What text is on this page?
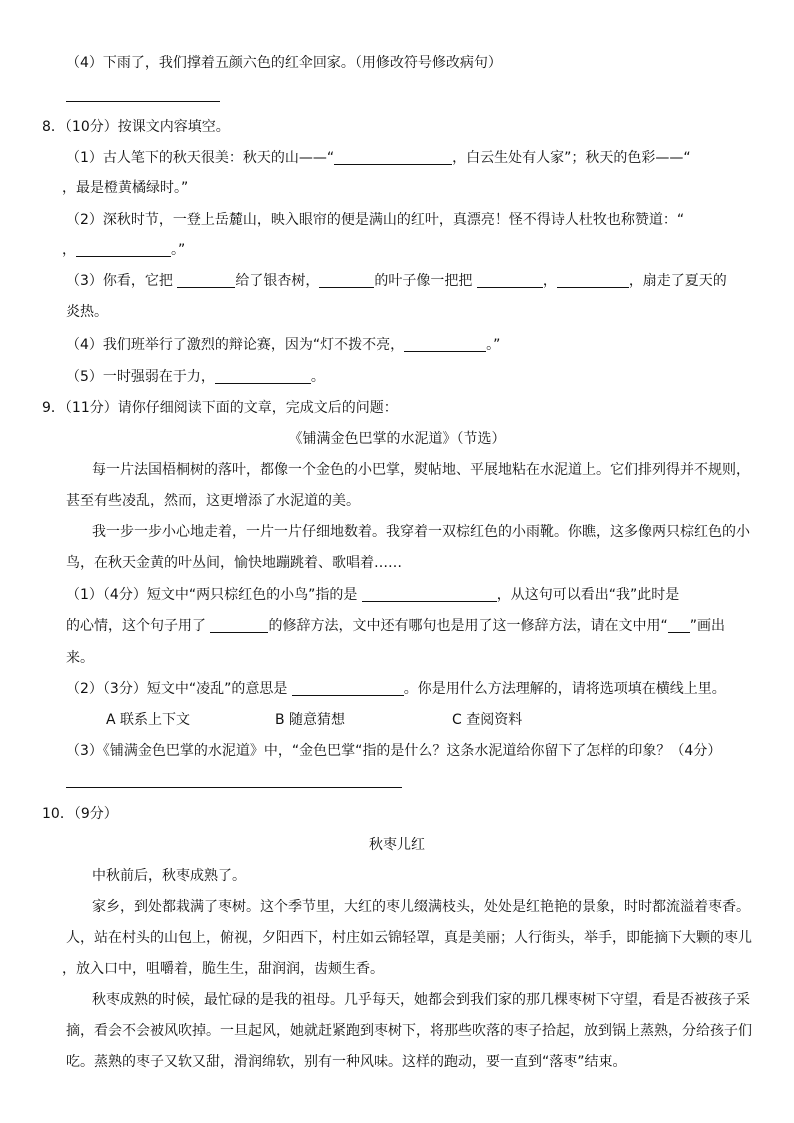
（4）下雨了，我们撑着五颜六色的红伞回家。（用修改符号修改病句）
8．（10分）按课文内容填空。
（1）古人笔下的秋天很美：秋天的山——“	，白云生处有人家”；秋天的色彩——“
，最是橙黄橘绿时。”
（2）深秋时节，一登上岳麓山，映入眼帘的便是满山的红叶，真漂亮！怪不得诗人杜牧也称赞道：“
，	。”
（3）你看，它把	给了银杏树，	的叶子像一把把	，	，扇走了夏天的
炎热。
（4）我们班举行了激烈的辩论赛，因为“灯不拨不亮，	。”
（5）一时强弱在于力，	。
9．（11分）请你仔细阅读下面的文章，完成文后的问题：
《铺满金色巴掌的水泥道》（节选）
每一片法国梧桐树的落叶，都像一个金色的小巴掌，熨帖地、平展地粘在水泥道上。它们排列得并不规则，
甚至有些凌乱，然而，这更增添了水泥道的美。
我一步一步小心地走着，一片一片仔细地数着。我穿着一双棕红色的小雨靴。你瞧，这多像两只棕红色的小
鸟，在秋天金黄的叶丛间，愉快地蹦跳着、歌唱着……
（1）（4分）短文中“两只棕红色的小鸟”指的是	，从这句可以看出“我”此时是
的心情，这个句子用了	的修辞方法，文中还有哪句也是用了这一修辞方法，请在文中用“ ”画出
来。
（2）（3分）短文中“凌乱”的意思是	。你是用什么方法理解的，请将选项填在横线上里。
A 联系上下文	B 随意猜想	C 查阅资料
（3）《铺满金色巴掌的水泥道》中，“金色巴掌“指的是什么？这条水泥道给你留下了怎样的印象？（4分）
10．（9分）
秋枣儿红
中秋前后，秋枣成熟了。
家乡，到处都栽满了枣树。这个季节里，大红的枣儿缀满枝头，处处是红艳艳的景象，时时都流溢着枣香。
人，站在村头的山包上，俯视，夕阳西下，村庄如云锦轻罩，真是美丽；人行街头，举手，即能摘下大颗的枣儿
，放入口中，咀嚼着，脆生生，甜润润，齿颊生香。
秋枣成熟的时候，最忙碌的是我的祖母。几乎每天，她都会到我们家的那几棵枣树下守望，看是否被孩子采
摘，看会不会被风吹掉。一旦起风，她就赶紧跑到枣树下，将那些吹落的枣子拾起，放到锅上蒸熟，分给孩子们
吃。蒸熟的枣子又软又甜，滑润绵软，别有一种风味。这样的跑动，要一直到“落枣”结束。
